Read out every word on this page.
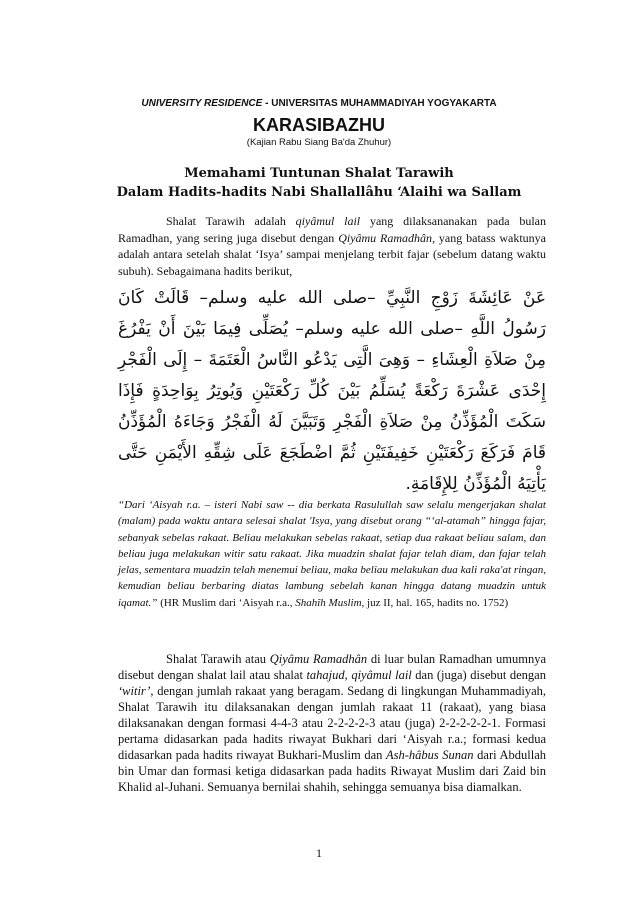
UNIVERSITY RESIDENCE - UNIVERSITAS MUHAMMADIYAH YOGYAKARTA
KARASIBAZHU
(Kajian Rabu Siang Ba'da Zhuhur)
Memahami Tuntunan Shalat Tarawih
Dalam Hadits-hadits Nabi Shallallâhu ‘Alaihi wa Sallam
Shalat Tarawih adalah qiyâmul lail yang dilaksananakan pada bulan Ramadhan, yang sering juga disebut dengan Qiyâmu Ramadhân, yang batass waktunya adalah antara setelah shalat ‘Isya’ sampai menjelang terbit fajar (sebelum datang waktu subuh). Sebagaimana hadits berikut,
عَنْ عَائِشَةَ زَوْجِ النَّبِيِّ –صلى الله عليه وسلم– قَالَتْ كَانَ رَسُولُ اللَّهِ –صلى الله عليه وسلم– يُصَلِّى فِيمَا بَيْنَ أَنْ يَفْرُغَ مِنْ صَلاَةِ الْعِشَاءِ – وَهِىَ الَّتِى يَدْعُو النَّاسُ الْعَتَمَةَ – إِلَى الْفَجْرِ إِحْدَى عَشْرَةَ رَكْعَةً يُسَلِّمُ بَيْنَ كُلِّ رَكْعَتَيْنِ وَيُوتِرُ بِوَاحِدَةٍ فَإِذَا سَكَتَ الْمُؤَذِّنُ مِنْ صَلاَةِ الْفَجْرِ وَتَبَيَّنَ لَهُ الْفَجْرُ وَجَاءَهُ الْمُؤَذِّنُ قَامَ فَرَكَعَ رَكْعَتَيْنِ خَفِيفَتَيْنِ ثُمَّ اضْطَجَعَ عَلَى شِقِّهِ الأَيْمَنِ حَتَّى يَأْتِيَهُ الْمُؤَذِّنُ لِلإِقَامَةِ.
“Dari ‘Aisyah r.a. – isteri Nabi saw -- dia berkata Rasulullah saw selalu mengerjakan shalat (malam) pada waktu antara selesai shalat 'Isya, yang disebut orang “‘al-atamah” hingga fajar, sebanyak sebelas rakaat. Beliau melakukan sebelas rakaat, setiap dua rakaat beliau salam, dan beliau juga melakukan witir satu rakaat. Jika muadzin shalat fajar telah diam, dan fajar telah jelas, sementara muadzin telah menemui beliau, maka beliau melakukan dua kali raka'at ringan, kemudian beliau berbaring diatas lambung sebelah kanan hingga datang muadzin untuk iqamat.” (HR Muslim dari ‘Aisyah r.a., Shahîh Muslim, juz II, hal. 165, hadits no. 1752)
Shalat Tarawih atau Qiyâmu Ramadhân di luar bulan Ramadhan umumnya disebut dengan shalat lail atau shalat tahajud, qiyâmul lail dan (juga) disebut dengan ‘witir’, dengan jumlah rakaat yang beragam. Sedang di lingkungan Muhammadiyah, Shalat Tarawih itu dilaksanakan dengan jumlah rakaat 11 (rakaat), yang biasa dilaksanakan dengan formasi 4-4-3 atau 2-2-2-2-3 atau (juga) 2-2-2-2-2-1. Formasi pertama didasarkan pada hadits riwayat Bukhari dari ‘Aisyah r.a.; formasi kedua didasarkan pada hadits riwayat Bukhari-Muslim dan Ash-hâbus Sunan dari Abdullah bin Umar dan formasi ketiga didasarkan pada hadits Riwayat Muslim dari Zaid bin Khalid al-Juhani. Semuanya bernilai shahih, sehingga semuanya bisa diamalkan.
1
